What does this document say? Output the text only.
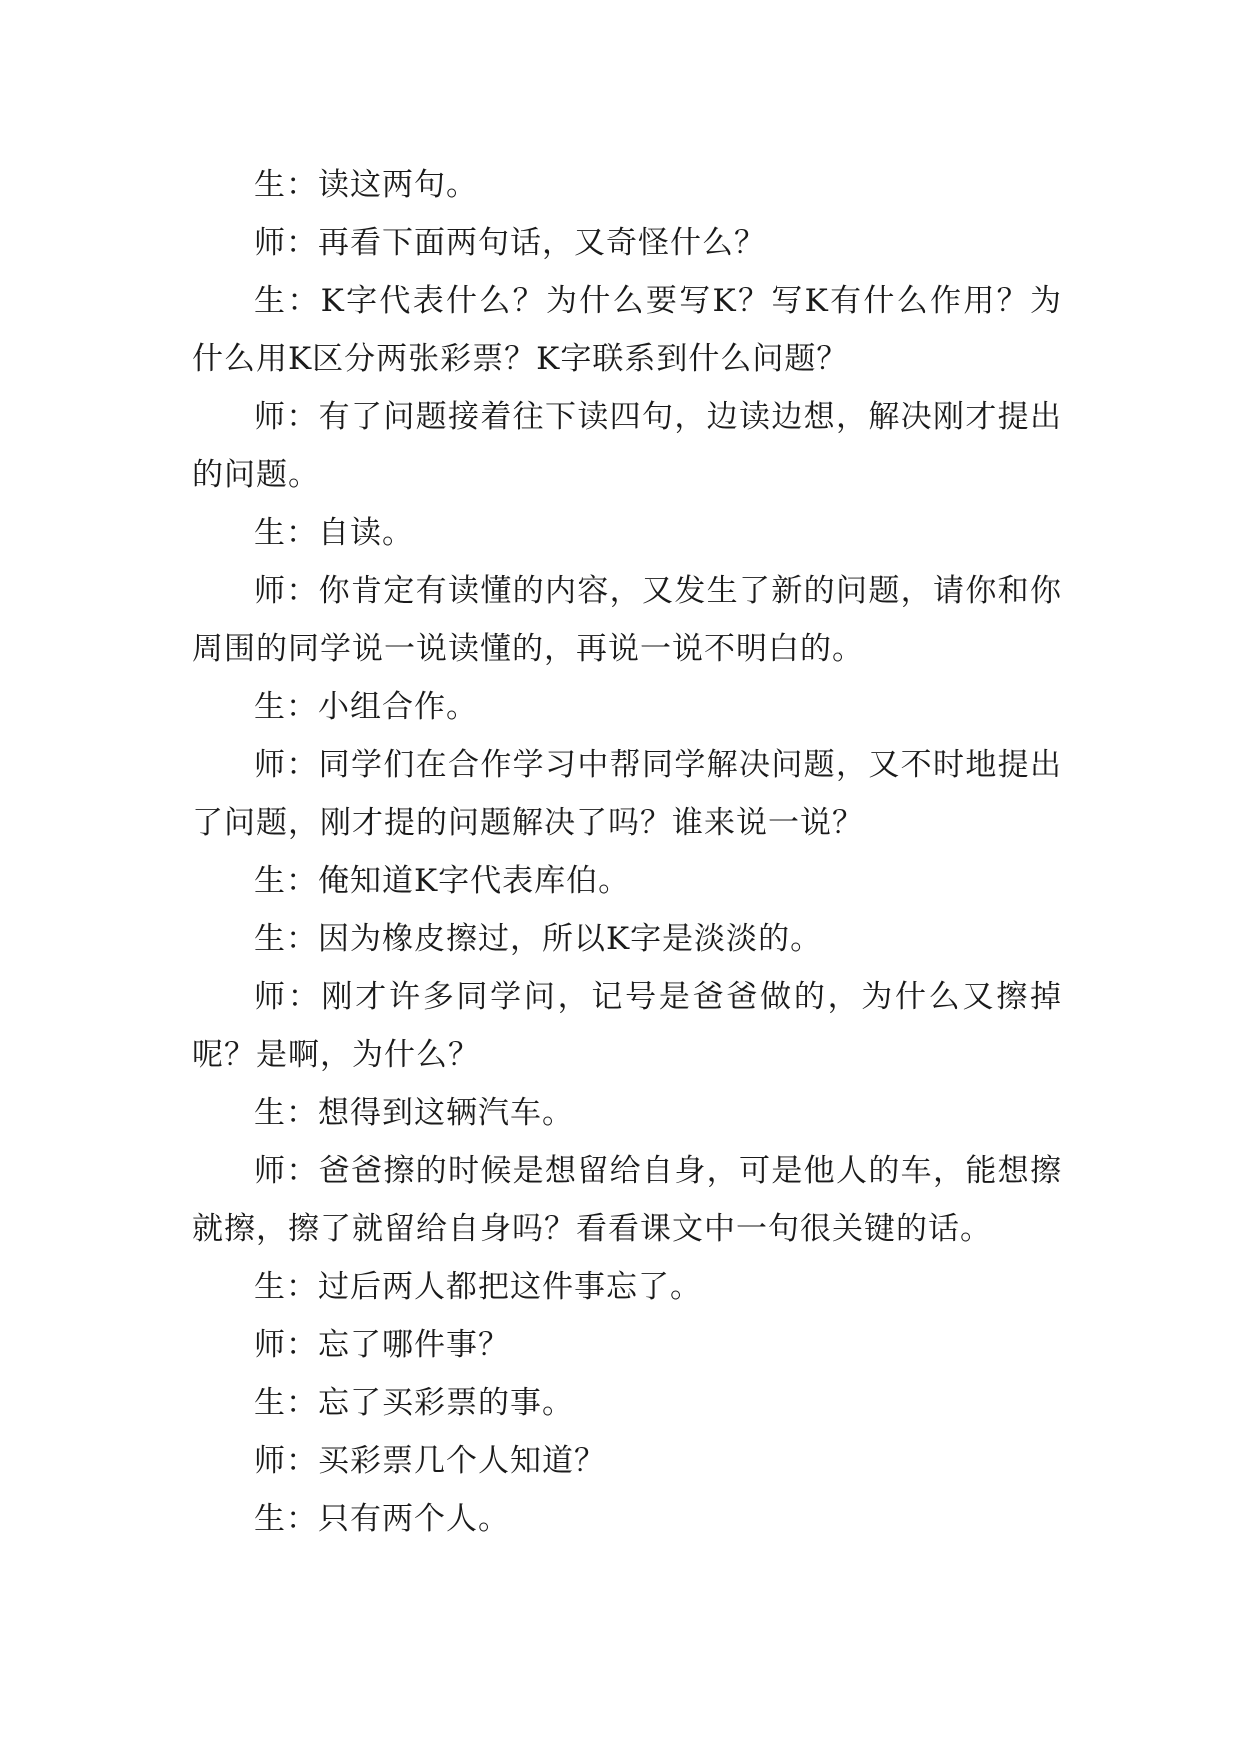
生：读这两句。

师：再看下面两句话，又奇怪什么？

生：K字代表什么？为什么要写K？写K有什么作用？为什么用K区分两张彩票？K字联系到什么问题？

师：有了问题接着往下读四句，边读边想，解决刚才提出的问题。

生：自读。

师：你肯定有读懂的内容，又发生了新的问题，请你和你周围的同学说一说读懂的，再说一说不明白的。

生：小组合作。

师：同学们在合作学习中帮同学解决问题，又不时地提出了问题，刚才提的问题解决了吗？谁来说一说？

生：俺知道K字代表库伯。

生：因为橡皮擦过，所以K字是淡淡的。

师：刚才许多同学问，记号是爸爸做的，为什么又擦掉呢？是啊，为什么？

生：想得到这辆汽车。

师：爸爸擦的时候是想留给自身，可是他人的车，能想擦就擦，擦了就留给自身吗？看看课文中一句很关键的话。

生：过后两人都把这件事忘了。

师：忘了哪件事？

生：忘了买彩票的事。

师：买彩票几个人知道？

生：只有两个人。
